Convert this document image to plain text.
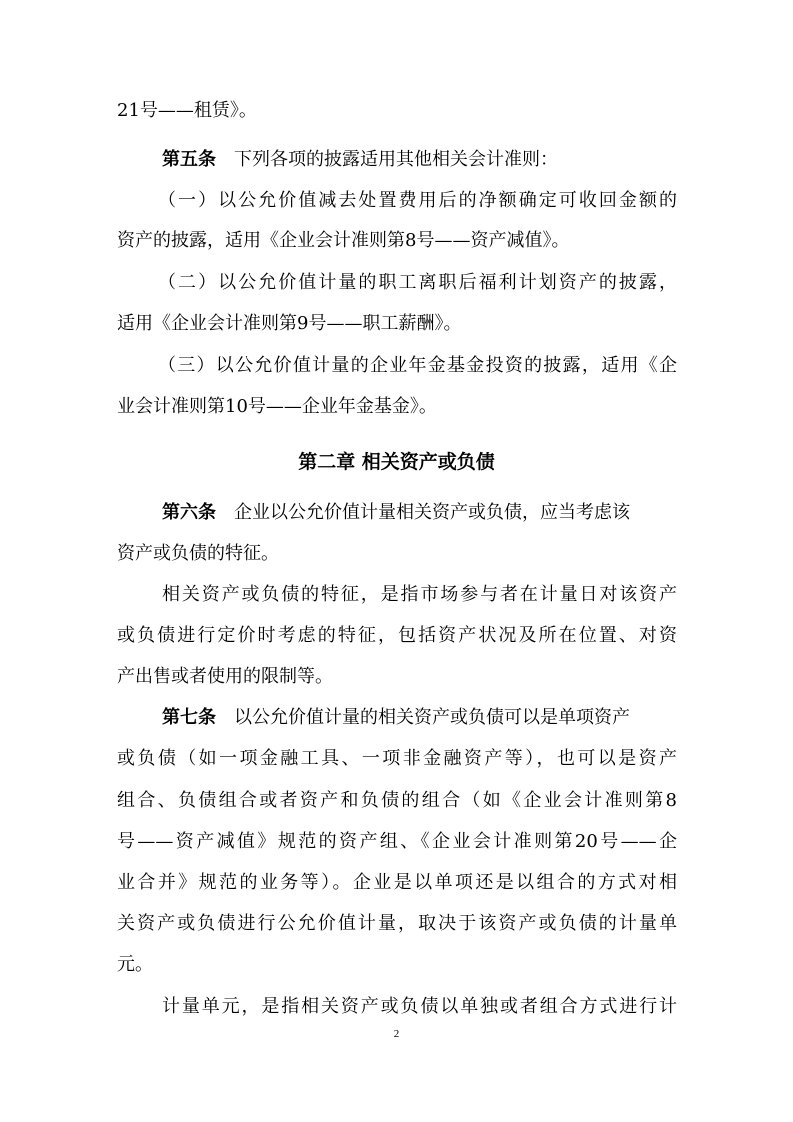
21号——租赁》。
第五条  下列各项的披露适用其他相关会计准则：
（一）以公允价值减去处置费用后的净额确定可收回金额的
资产的披露，适用《企业会计准则第8号——资产减值》。
（二）以公允价值计量的职工离职后福利计划资产的披露，
适用《企业会计准则第9号——职工薪酬》。
（三）以公允价值计量的企业年金基金投资的披露，适用《企
业会计准则第10号——企业年金基金》。
第二章 相关资产或负债
第六条  企业以公允价值计量相关资产或负债，应当考虑该
资产或负债的特征。
相关资产或负债的特征，是指市场参与者在计量日对该资产
或负债进行定价时考虑的特征，包括资产状况及所在位置、对资
产出售或者使用的限制等。
第七条  以公允价值计量的相关资产或负债可以是单项资产
或负债（如一项金融工具、一项非金融资产等），也可以是资产
组合、负债组合或者资产和负债的组合（如《企业会计准则第8
号——资产减值》规范的资产组、《企业会计准则第20号——企
业合并》规范的业务等）。企业是以单项还是以组合的方式对相
关资产或负债进行公允价值计量，取决于该资产或负债的计量单
元。
计量单元，是指相关资产或负债以单独或者组合方式进行计
2
